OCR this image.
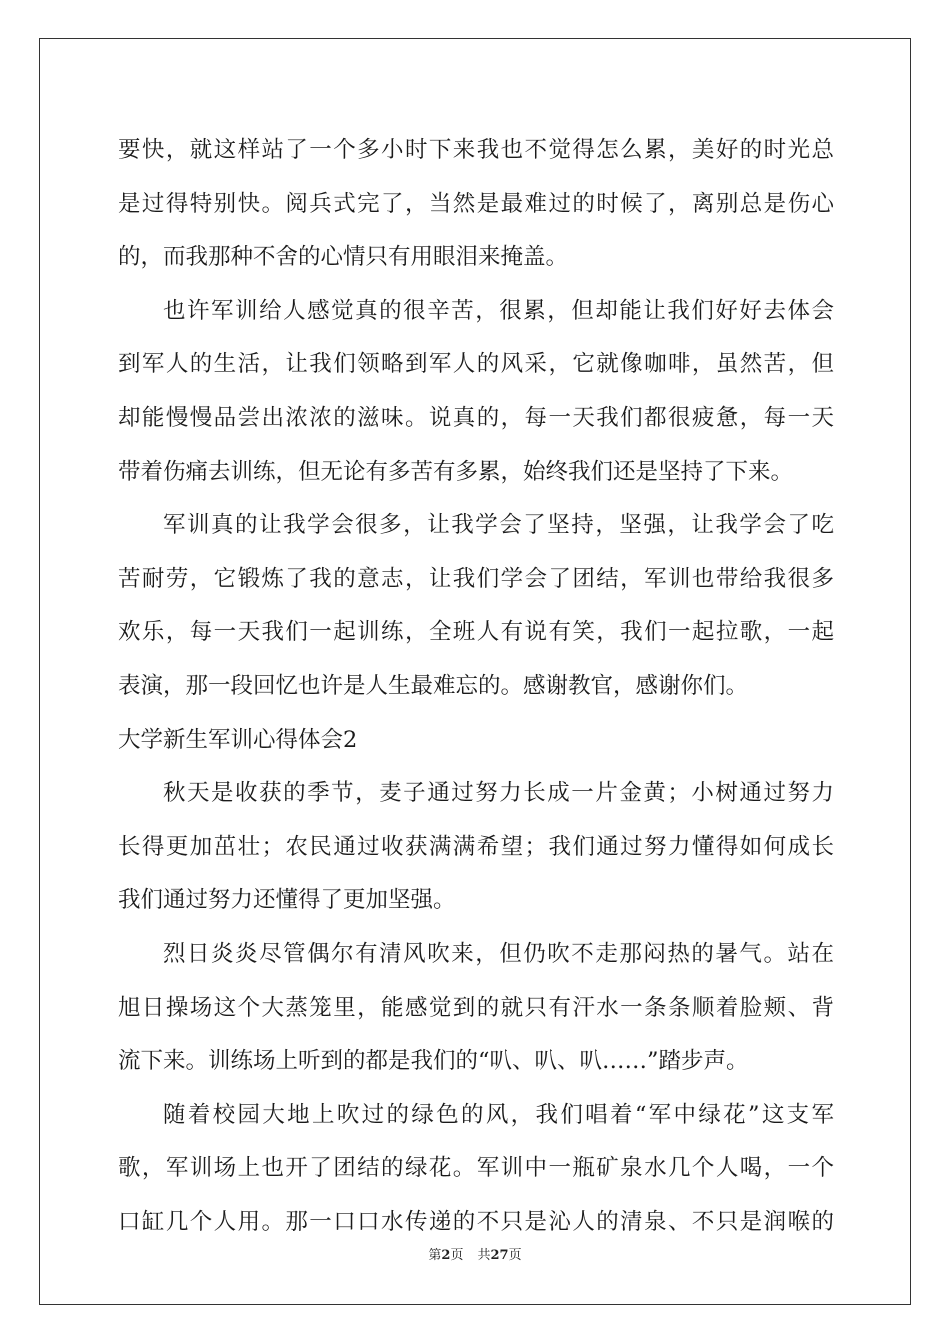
要快，就这样站了一个多小时下来我也不觉得怎么累，美好的时光总
是过得特别快。阅兵式完了，当然是最难过的时候了，离别总是伤心
的，而我那种不舍的心情只有用眼泪来掩盖。
也许军训给人感觉真的很辛苦，很累，但却能让我们好好去体会
到军人的生活，让我们领略到军人的风采，它就像咖啡，虽然苦，但
却能慢慢品尝出浓浓的滋味。说真的，每一天我们都很疲惫，每一天
带着伤痛去训练，但无论有多苦有多累，始终我们还是坚持了下来。
军训真的让我学会很多，让我学会了坚持，坚强，让我学会了吃
苦耐劳，它锻炼了我的意志，让我们学会了团结，军训也带给我很多
欢乐，每一天我们一起训练，全班人有说有笑，我们一起拉歌，一起
表演，那一段回忆也许是人生最难忘的。感谢教官，感谢你们。
大学新生军训心得体会2
秋天是收获的季节，麦子通过努力长成一片金黄；小树通过努力
长得更加茁壮；农民通过收获满满希望；我们通过努力懂得如何成长
我们通过努力还懂得了更加坚强。
烈日炎炎尽管偶尔有清风吹来，但仍吹不走那闷热的暑气。站在
旭日操场这个大蒸笼里，能感觉到的就只有汗水一条条顺着脸颊、背
流下来。训练场上听到的都是我们的“叭、叭、叭……”踏步声。
随着校园大地上吹过的绿色的风，我们唱着“军中绿花”这支军
歌，军训场上也开了团结的绿花。军训中一瓶矿泉水几个人喝，一个
口缸几个人用。那一口口水传递的不只是沁人的清泉、不只是润喉的
第2页 共27页
